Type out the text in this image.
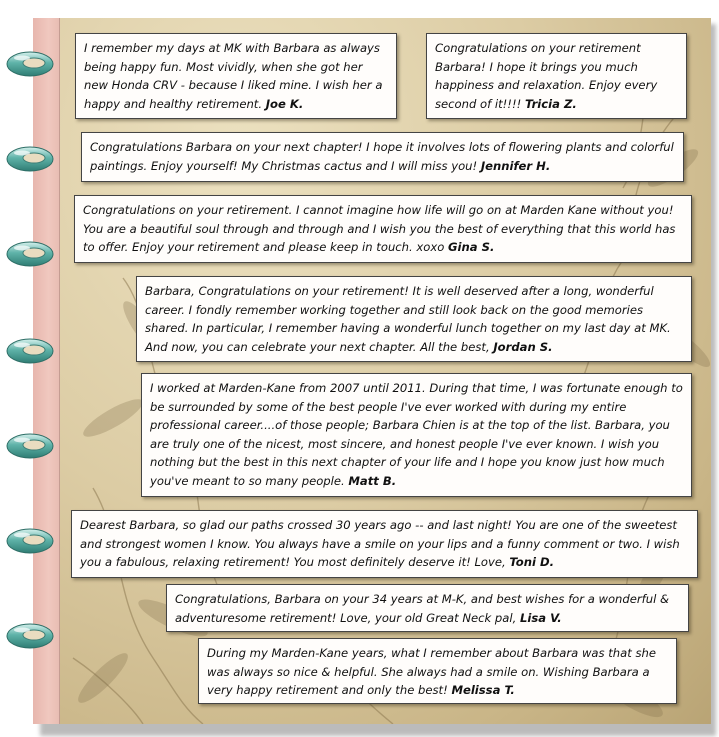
I remember my days at MK with Barbara as always being happy fun. Most vividly, when she got her new Honda CRV - because I liked mine. I wish her a happy and healthy retirement. Joe K.
Congratulations on your retirement Barbara! I hope it brings you much happiness and relaxation. Enjoy every second of it!!!! Tricia Z.
Congratulations Barbara on your next chapter! I hope it involves lots of flowering plants and colorful paintings. Enjoy yourself! My Christmas cactus and I will miss you! Jennifer H.
Congratulations on your retirement. I cannot imagine how life will go on at Marden Kane without you! You are a beautiful soul through and through and I wish you the best of everything that this world has to offer. Enjoy your retirement and please keep in touch. xoxo Gina S.
Barbara, Congratulations on your retirement! It is well deserved after a long, wonderful career. I fondly remember working together and still look back on the good memories shared. In particular, I remember having a wonderful lunch together on my last day at MK. And now, you can celebrate your next chapter. All the best, Jordan S.
I worked at Marden-Kane from 2007 until 2011. During that time, I was fortunate enough to be surrounded by some of the best people I've ever worked with during my entire professional career....of those people; Barbara Chien is at the top of the list. Barbara, you are truly one of the nicest, most sincere, and honest people I've ever known. I wish you nothing but the best in this next chapter of your life and I hope you know just how much you've meant to so many people. Matt B.
Dearest Barbara, so glad our paths crossed 30 years ago -- and last night! You are one of the sweetest and strongest women I know. You always have a smile on your lips and a funny comment or two. I wish you a fabulous, relaxing retirement! You most definitely deserve it! Love, Toni D.
Congratulations, Barbara on your 34 years at M-K, and best wishes for a wonderful & adventuresome retirement! Love, your old Great Neck pal, Lisa V.
During my Marden-Kane years, what I remember about Barbara was that she was always so nice & helpful. She always had a smile on. Wishing Barbara a very happy retirement and only the best! Melissa T.
